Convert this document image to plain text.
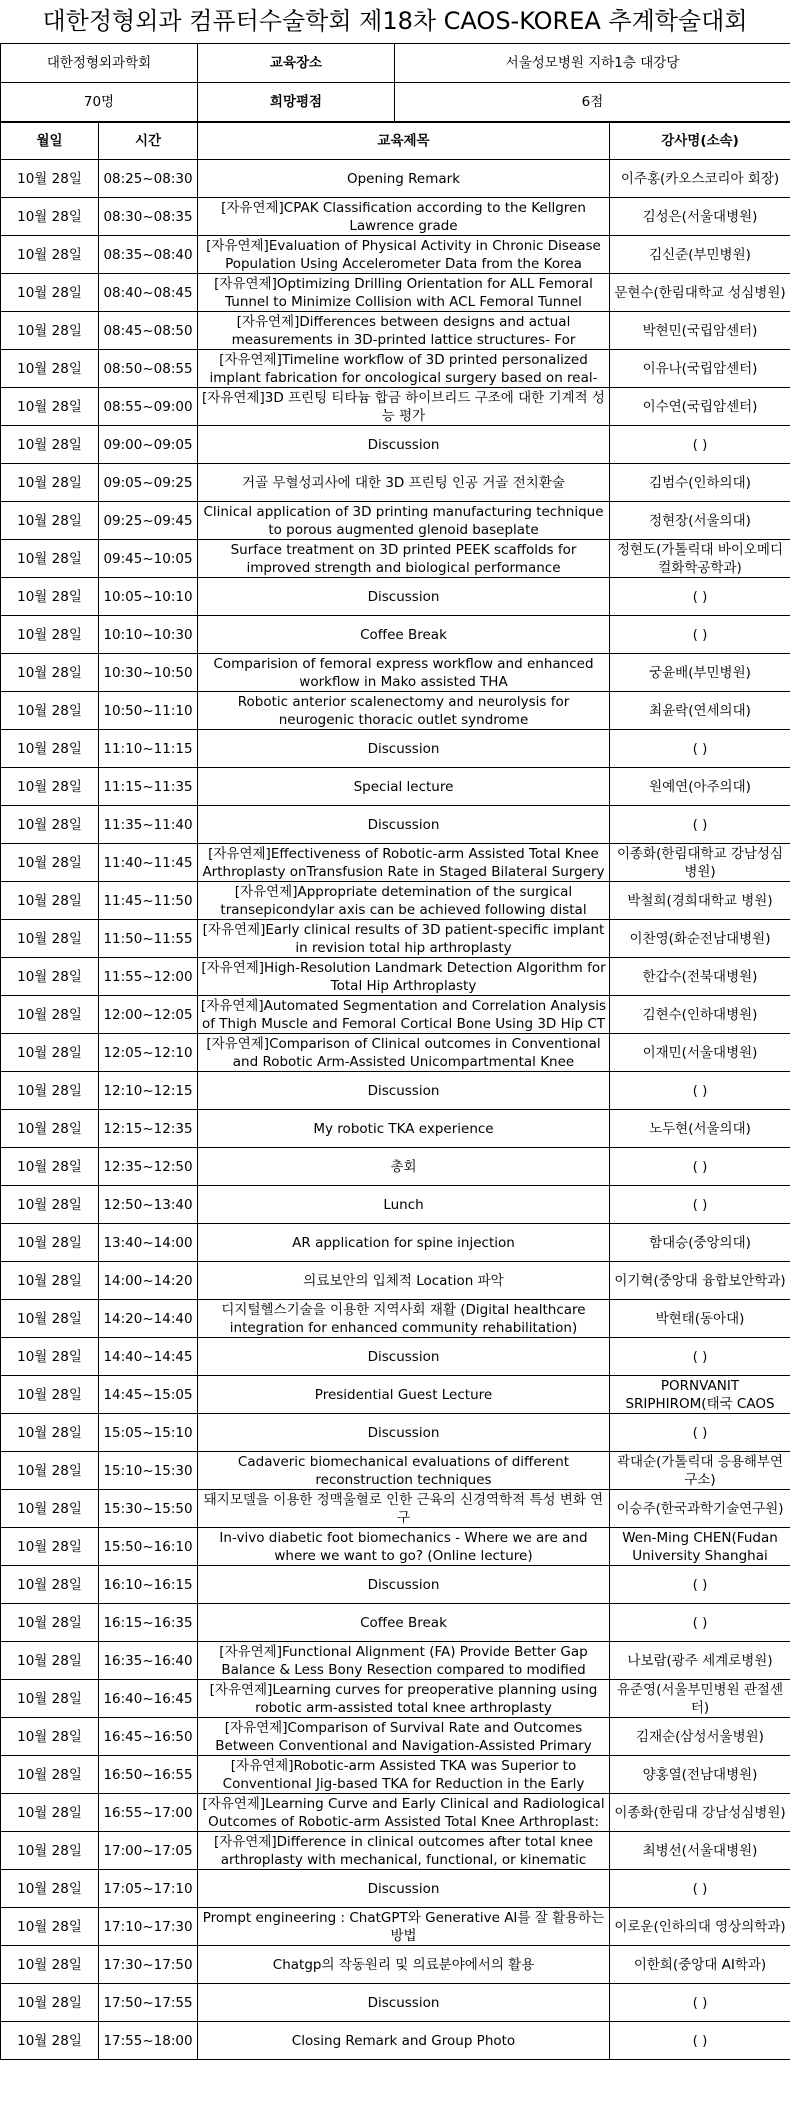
대한정형외과 컴퓨터수술학회 제18차 CAOS-KOREA 추계학술대회
대한정형외과학회	교육장소	서울성모병원 지하1층 대강당
70명	희망평점	6점
월일	시간	교육제목	강사명(소속)

10월 28일	08:25~08:30	Opening Remark	이주홍(카오스코리아 회장)

10월 28일	08:30~08:35	[자유연제]CPAK Classification according to the Kellgren Lawrence grade	김성은(서울대병원)

10월 28일	08:35~08:40	[자유연제]Evaluation of Physical Activity in Chronic Disease Population Using Accelerometer Data from the Korea	김신준(부민병원)

10월 28일	08:40~08:45	[자유연제]Optimizing Drilling Orientation for ALL Femoral Tunnel to Minimize Collision with ACL Femoral Tunnel	문현수(한림대학교 성심병원)

10월 28일	08:45~08:50	[자유연제]Differences between designs and actual measurements in 3D-printed lattice structures- For	박현민(국립암센터)

10월 28일	08:50~08:55	[자유연제]Timeline workflow of 3D printed personalized implant fabrication for oncological surgery based on real-	이유나(국립암센터)

10월 28일	08:55~09:00	[자유연제]3D 프린팅 티타늄 합금 하이브리드 구조에 대한 기계적 성능 평가	이수연(국립암센터)

10월 28일	09:00~09:05	Discussion	( )

10월 28일	09:05~09:25	거골 무혈성괴사에 대한 3D 프린팅 인공 거골 전치환술	김범수(인하의대)

10월 28일	09:25~09:45	Clinical application of 3D printing manufacturing technique to porous augmented glenoid baseplate	정현장(서울의대)

10월 28일	09:45~10:05	Surface treatment on 3D printed PEEK scaffolds for improved strength and biological performance	정현도(가톨릭대 바이오메디컬화학공학과)

10월 28일	10:05~10:10	Discussion	( )

10월 28일	10:10~10:30	Coffee Break	( )

10월 28일	10:30~10:50	Comparision of femoral express workflow and enhanced workflow in Mako assisted THA	궁윤배(부민병원)

10월 28일	10:50~11:10	Robotic anterior scalenectomy and neurolysis for neurogenic thoracic outlet syndrome	최윤락(연세의대)

10월 28일	11:10~11:15	Discussion	( )

10월 28일	11:15~11:35	Special lecture	원예연(아주의대)

10월 28일	11:35~11:40	Discussion	( )

10월 28일	11:40~11:45	[자유연제]Effectiveness of Robotic-arm Assisted Total Knee Arthroplasty onTransfusion Rate in Staged Bilateral Surgery	이종화(한림대학교 강남성심병원)

10월 28일	11:45~11:50	[자유연제]Appropriate detemination of the surgical transepicondylar axis can be achieved following distal	박철희(경희대학교 병원)

10월 28일	11:50~11:55	[자유연제]Early clinical results of 3D patient-specific implant in revision total hip arthroplasty	이찬영(화순전남대병원)

10월 28일	11:55~12:00	[자유연제]High-Resolution Landmark Detection Algorithm for Total Hip Arthroplasty	한갑수(전북대병원)

10월 28일	12:00~12:05	[자유연제]Automated Segmentation and Correlation Analysis of Thigh Muscle and Femoral Cortical Bone Using 3D Hip CT	김현수(인하대병원)

10월 28일	12:05~12:10	[자유연제]Comparison of Clinical outcomes in Conventional and Robotic Arm-Assisted Unicompartmental Knee	이재민(서울대병원)

10월 28일	12:10~12:15	Discussion	( )

10월 28일	12:15~12:35	My robotic TKA experience	노두현(서울의대)

10월 28일	12:35~12:50	총회	( )

10월 28일	12:50~13:40	Lunch	( )

10월 28일	13:40~14:00	AR application for spine injection	함대승(중앙의대)

10월 28일	14:00~14:20	의료보안의 입체적 Location 파악	이기혁(중앙대 융합보안학과)

10월 28일	14:20~14:40	디지털헬스기술을 이용한 지역사회 재활 (Digital healthcare integration for enhanced community rehabilitation)	박현태(동아대)

10월 28일	14:40~14:45	Discussion	( )

10월 28일	14:45~15:05	Presidential Guest Lecture	PORNVANIT SRIPHIROM(태국 CAOS

10월 28일	15:05~15:10	Discussion	( )

10월 28일	15:10~15:30	Cadaveric biomechanical evaluations of different reconstruction techniques	곽대순(가톨릭대 응용해부연구소)

10월 28일	15:30~15:50	돼지모델을 이용한 정맥울혈로 인한 근육의 신경역학적 특성 변화 연구	이승주(한국과학기술연구원)

10월 28일	15:50~16:10	In-vivo diabetic foot biomechanics - Where we are and where we want to go? (Online lecture)	Wen-Ming CHEN(Fudan University Shanghai

10월 28일	16:10~16:15	Discussion	( )

10월 28일	16:15~16:35	Coffee Break	( )

10월 28일	16:35~16:40	[자유연제]Functional Alignment (FA) Provide Better Gap Balance & Less Bony Resection compared to modified	나보람(광주 세계로병원)

10월 28일	16:40~16:45	[자유연제]Learning curves for preoperative planning using robotic arm-assisted total knee arthroplasty	유준영(서울부민병원 관절센터)

10월 28일	16:45~16:50	[자유연제]Comparison of Survival Rate and Outcomes Between Conventional and Navigation-Assisted Primary	김재순(삼성서울병원)

10월 28일	16:50~16:55	[자유연제]Robotic-arm Assisted TKA was Superior to Conventional Jig-based TKA for Reduction in the Early	양홍열(전남대병원)

10월 28일	16:55~17:00	[자유연제]Learning Curve and Early Clinical and Radiological Outcomes of Robotic-arm Assisted Total Knee Arthroplast:	이종화(한림대 강남성심병원)

10월 28일	17:00~17:05	[자유연제]Difference in clinical outcomes after total knee arthroplasty with mechanical, functional, or kinematic	최병선(서울대병원)

10월 28일	17:05~17:10	Discussion	( )

10월 28일	17:10~17:30	Prompt engineering : ChatGPT와 Generative AI를 잘 활용하는 방법	이로운(인하의대 영상의학과)

10월 28일	17:30~17:50	Chatgp의 작동원리 및 의료분야에서의 활용	이한희(중앙대 AI학과)

10월 28일	17:50~17:55	Discussion	( )

10월 28일	17:55~18:00	Closing Remark and Group Photo	( )
